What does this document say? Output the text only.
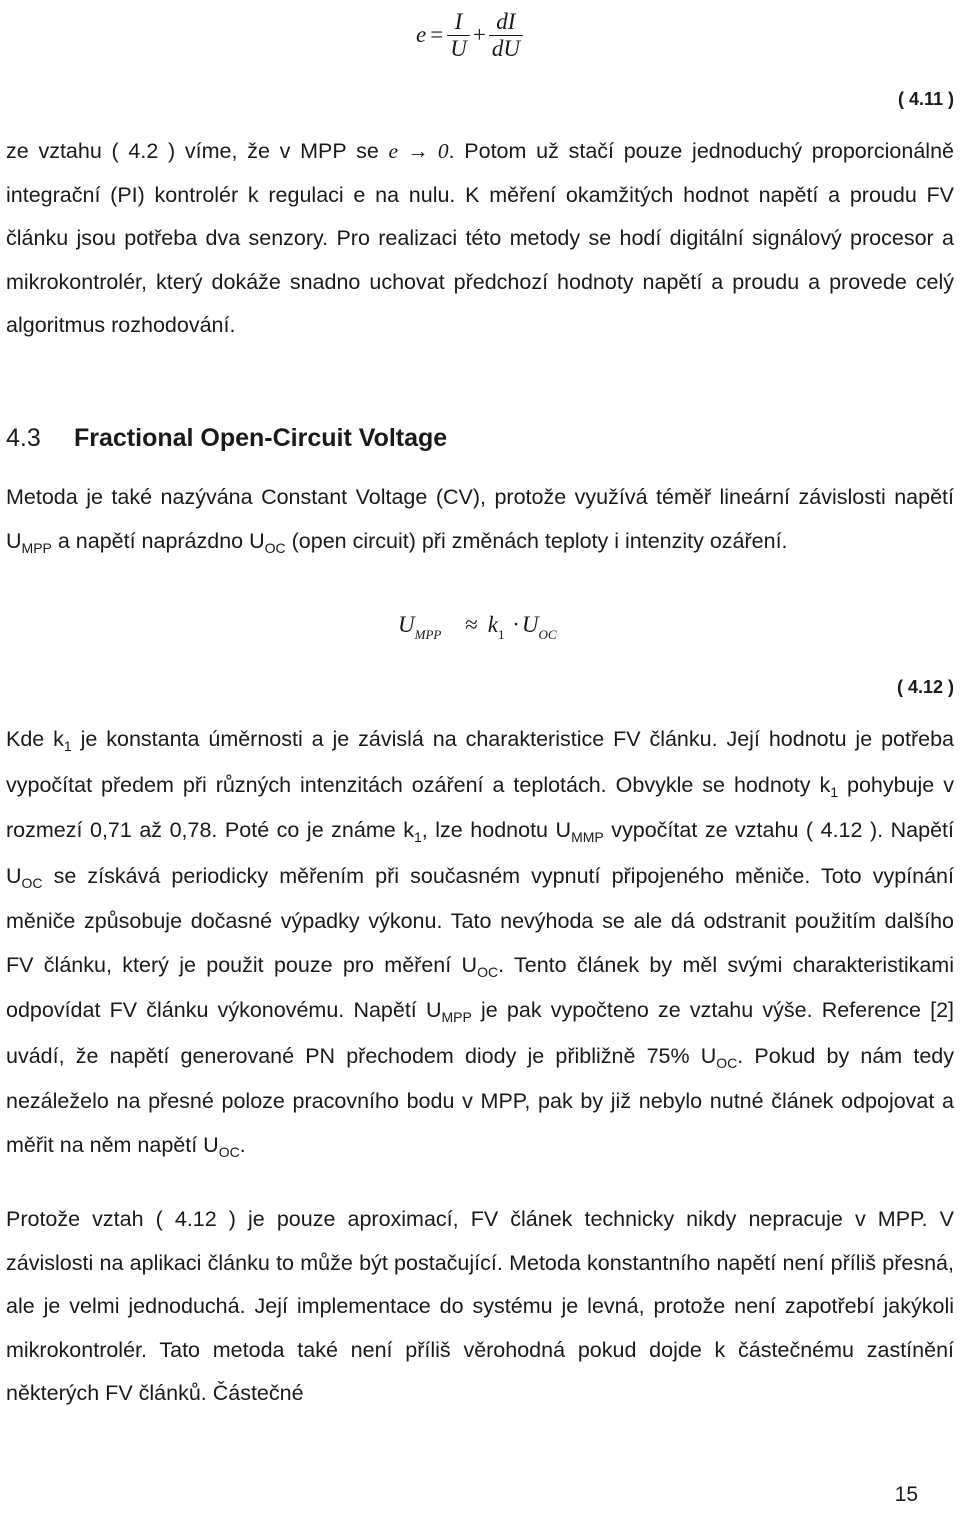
$e = \frac{I}{U} + \frac{dI}{dU}$
( 4.11 )

ze vztahu ( 4.2 ) víme, že v MPP se e → 0. Potom už stačí pouze jednoduchý proporcionálně integrační (PI) kontrolér k regulaci e na nulu. K měření okamžitých hodnot napětí a proudu FV článku jsou potřeba dva senzory. Pro realizaci této metody se hodí digitální signálový procesor a mikrokontrolér, který dokáže snadno uchovat předchozí hodnoty napětí a proudu a provede celý algoritmus rozhodování.

4.3 Fractional Open-Circuit Voltage

Metoda je také nazývána Constant Voltage (CV), protože využívá téměř lineární závislosti napětí $U_{MPP}$ a napětí naprázdno $U_{OC}$ (open circuit) při změnách teploty i intenzity ozáření.

$U_{MPP} \approx k_1 \cdot U_{OC}$
( 4.12 )

Kde $k_1$ je konstanta úměrnosti a je závislá na charakteristice FV článku. Její hodnotu je potřeba vypočítat předem při různých intenzitách ozáření a teplotách. Obvykle se hodnoty $k_1$ pohybuje v rozmezí 0,71 až 0,78. Poté co je známe $k_1$, lze hodnotu $U_{MMP}$ vypočítat ze vztahu ( 4.12 ). Napětí $U_{OC}$ se získává periodicky měřením při současném vypnutí připojeného měniče. Toto vypínání měniče způsobuje dočasné výpadky výkonu. Tato nevýhoda se ale dá odstranit použitím dalšího FV článku, který je použit pouze pro měření $U_{OC}$. Tento článek by měl svými charakteristikami odpovídat FV článku výkonovému. Napětí $U_{MPP}$ je pak vypočteno ze vztahu výše. Reference [2] uvádí, že napětí generované PN přechodem diody je přibližně 75% $U_{OC}$. Pokud by nám tedy nezáleželo na přesné poloze pracovního bodu v MPP, pak by již nebylo nutné článek odpojovat a měřit na něm napětí $U_{OC}$.

Protože vztah ( 4.12 ) je pouze aproximací, FV článek technicky nikdy nepracuje v MPP. V závislosti na aplikaci článku to může být postačující. Metoda konstantního napětí není příliš přesná, ale je velmi jednoduchá. Její implementace do systému je levná, protože není zapotřebí jakýkoli mikrokontrolér. Tato metoda také není příliš věrohodná pokud dojde k částečnému zastínění některých FV článků. Částečné

15
